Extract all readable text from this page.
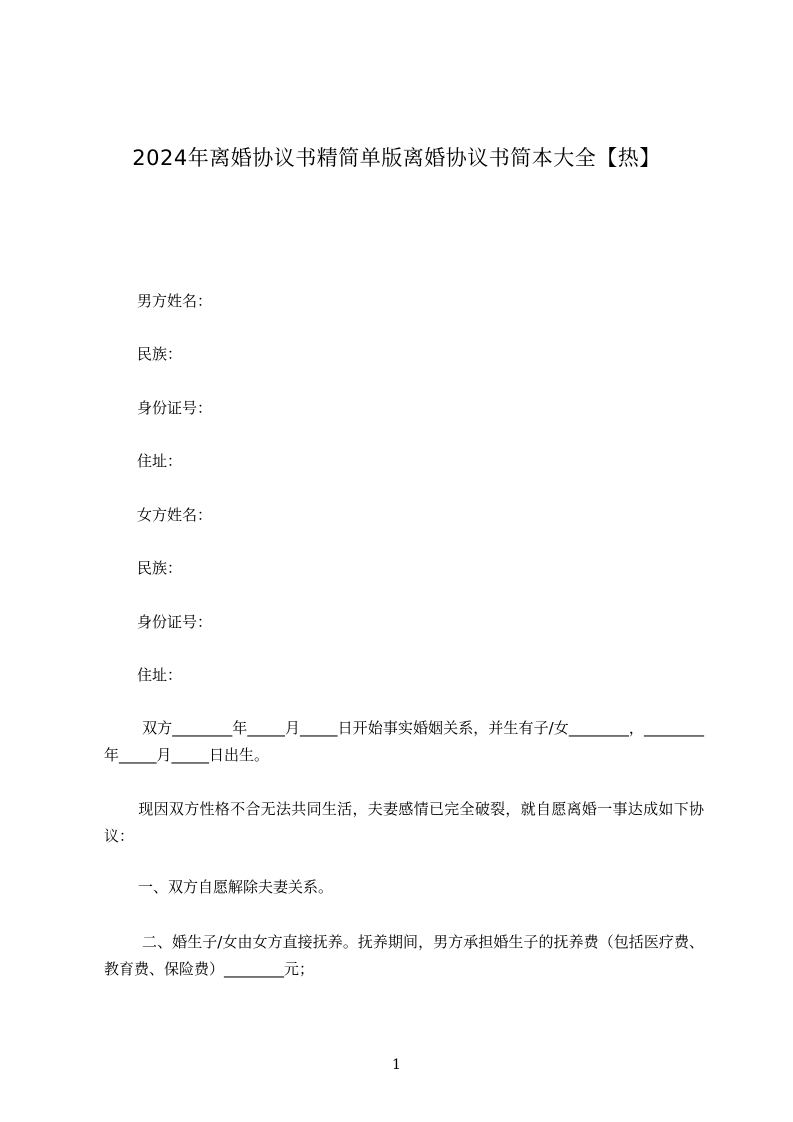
2024年离婚协议书精简单版离婚协议书简本大全【热】
男方姓名：
民族：
身份证号：
住址：
女方姓名：
民族：
身份证号：
住址：
双方________年_____月_____日开始事实婚姻关系，并生有子/女________，________年_____月_____日出生。
现因双方性格不合无法共同生活，夫妻感情已完全破裂，就自愿离婚一事达成如下协议：
一、双方自愿解除夫妻关系。
二、婚生子/女由女方直接抚养。抚养期间，男方承担婚生子的抚养费（包括医疗费、教育费、保险费）________元；
1
